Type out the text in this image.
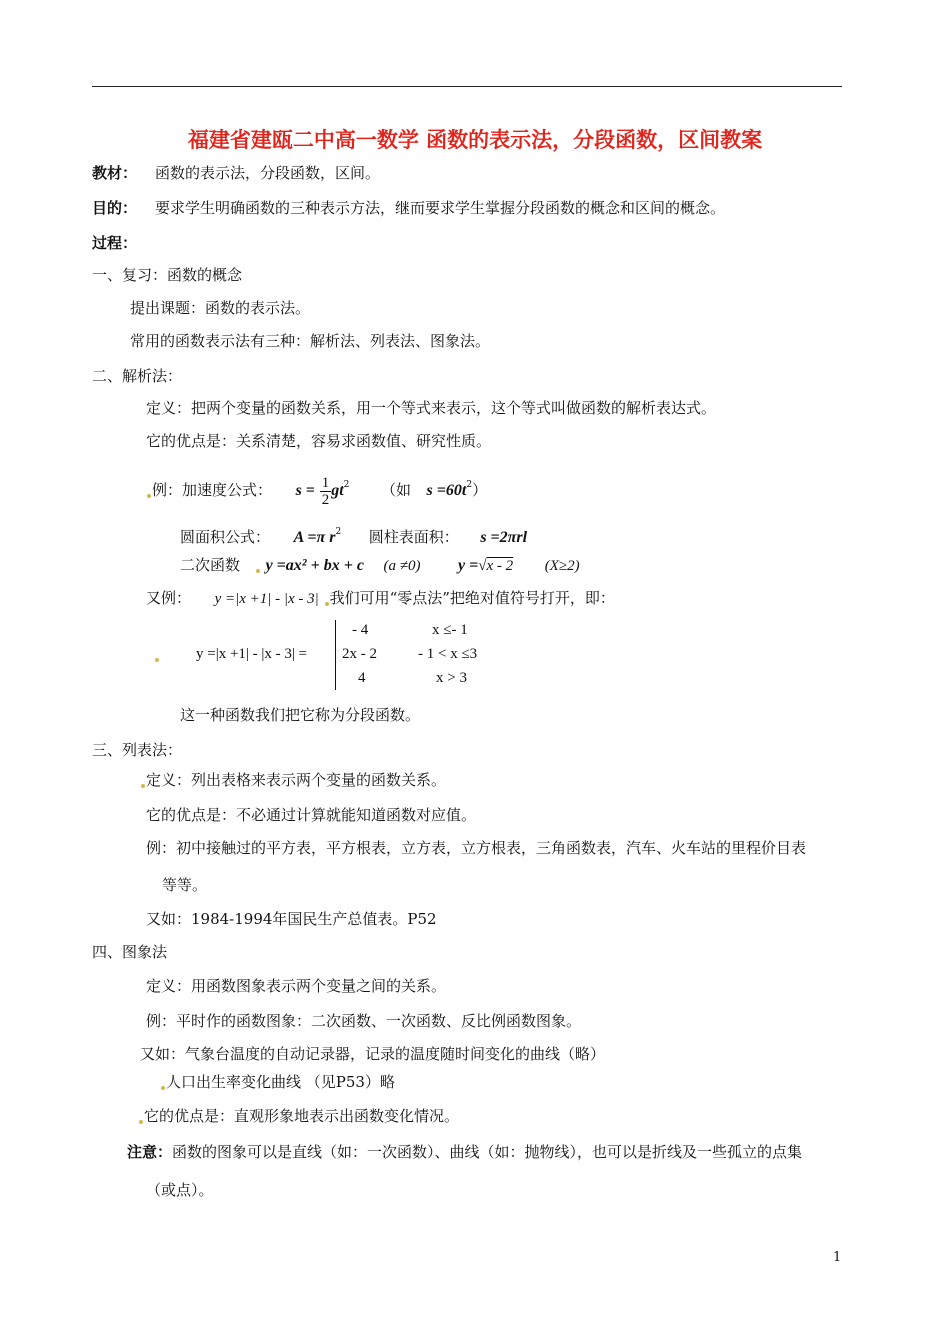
福建省建瓯二中高一数学 函数的表示法，分段函数，区间教案
教材： 函数的表示法，分段函数，区间。
目的： 要求学生明确函数的三种表示方法，继而要求学生掌握分段函数的概念和区间的概念。
过程：
一、复习：函数的概念
提出课题：函数的表示法。
常用的函数表示法有三种：解析法、列表法、图象法。
二、解析法：
定义：把两个变量的函数关系，用一个等式来表示，这个等式叫做函数的解析表达式。
它的优点是：关系清楚，容易求函数值、研究性质。
例：加速度公式： $s = \frac{1}{2} gt^2$ （如 $s =60t^2$）
圆面积公式： A =π $r^2$ 圆柱表面积： s =2πrl
二次函数 y =ax² + bx + c (a ≠0) y =√x - 2 (X≥2)
又例： y =|x +1| - |x - 3| 我们可用“零点法”把绝对值符号打开，即：
y =|x +1| - |x - 3| =
- 4	x ≤- 1
2x - 2	- 1 < x ≤3
4	x > 3
这一种函数我们把它称为分段函数。
三、列表法：
定义：列出表格来表示两个变量的函数关系。
它的优点是：不必通过计算就能知道函数对应值。
例：初中接触过的平方表，平方根表，立方表，立方根表，三角函数表，汽车、火车站的里程价目表
等等。
又如：1984-1994年国民生产总值表。P52
四、图象法
定义：用函数图象表示两个变量之间的关系。
例：平时作的函数图象：二次函数、一次函数、反比例函数图象。
又如：气象台温度的自动记录器，记录的温度随时间变化的曲线（略）
人口出生率变化曲线 （见P53）略
它的优点是：直观形象地表示出函数变化情况。
注意：函数的图象可以是直线（如：一次函数）、曲线（如：抛物线），也可以是折线及一些孤立的点集
（或点）。
1
